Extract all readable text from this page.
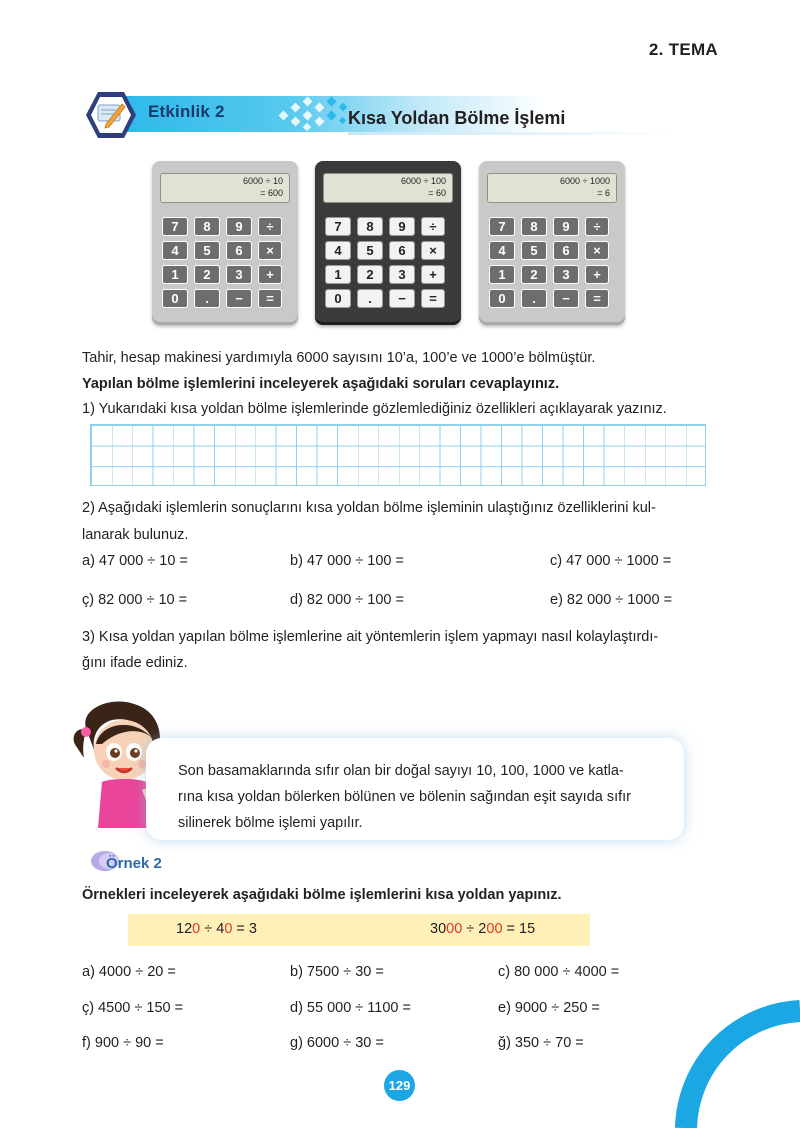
2. TEMA
Etkinlik 2	Kısa Yoldan Bölme İşlemi
6000 ÷ 10
= 600
7	8	9	÷
4	5	6	×
1	2	3	+
0	.	−	=
6000 ÷ 100
= 60
7	8	9	÷
4	5	6	×
1	2	3	+
0	.	−	=
6000 ÷ 1000
= 6
7	8	9	÷
4	5	6	×
1	2	3	+
0	.	−	=
Tahir, hesap makinesi yardımıyla 6000 sayısını 10’a, 100’e ve 1000’e bölmüştür.
Yapılan bölme işlemlerini inceleyerek aşağıdaki soruları cevaplayınız.
1) Yukarıdaki kısa yoldan bölme işlemlerinde gözlemlediğiniz özellikleri açıklayarak yazınız.
2) Aşağıdaki işlemlerin sonuçlarını kısa yoldan bölme işleminin ulaştığınız özelliklerini kul-
lanarak bulunuz.
a) 47 000 ÷ 10 =	b) 47 000 ÷ 100 =	c) 47 000 ÷ 1000 =
ç) 82 000 ÷ 10 =	d) 82 000 ÷ 100 =	e) 82 000 ÷ 1000 =
3) Kısa yoldan yapılan bölme işlemlerine ait yöntemlerin işlem yapmayı nasıl kolaylaştırdı-
ğını ifade ediniz.
Son basamaklarında sıfır olan bir doğal sayıyı 10, 100, 1000 ve katla-
rına kısa yoldan bölerken bölünen ve bölenin sağından eşit sayıda sıfır
silinerek bölme işlemi yapılır.
Örnek 2
Örnekleri inceleyerek aşağıdaki bölme işlemlerini kısa yoldan yapınız.
120 ÷ 40 = 3	3000 ÷ 200 = 15
a) 4000 ÷ 20 =	b) 7500 ÷ 30 =	c) 80 000 ÷ 4000 =
ç) 4500 ÷ 150 =	d) 55 000 ÷ 1100 =	e) 9000 ÷ 250 =
f) 900 ÷ 90 =	g) 6000 ÷ 30 =	ğ) 350 ÷ 70 =
129
